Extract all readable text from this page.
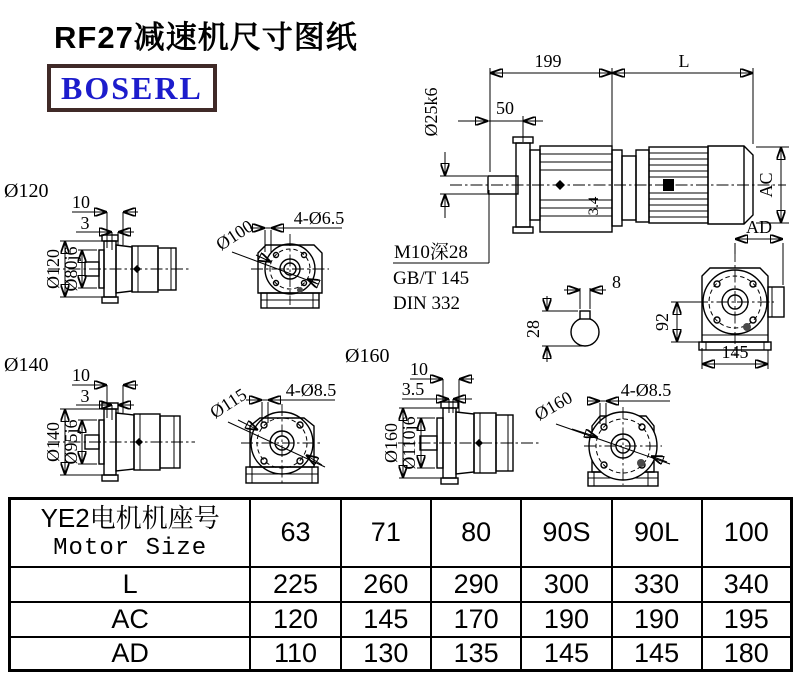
RF27减速机尺寸图纸
BOSERL
3.4
199	L
50
Ø25k6
AC
AD
M10深28
GB/T 145
DIN 332
8
28	92
145
Ø120 10
3
Ø120
Ø80j6
4-Ø6.5
Ø100
Ø140 10
3
Ø140
Ø95j6
4-Ø8.5
Ø115
Ø160
10
3.5
Ø160
Ø110j6
4-Ø8.5
Ø160
YE2电机机座号
Motor Size	63	71	80	90S	90L	100
L	225	260	290	300	330	340
AC	120	145	170	190	190	195
AD	110	130	135	145	145	180
